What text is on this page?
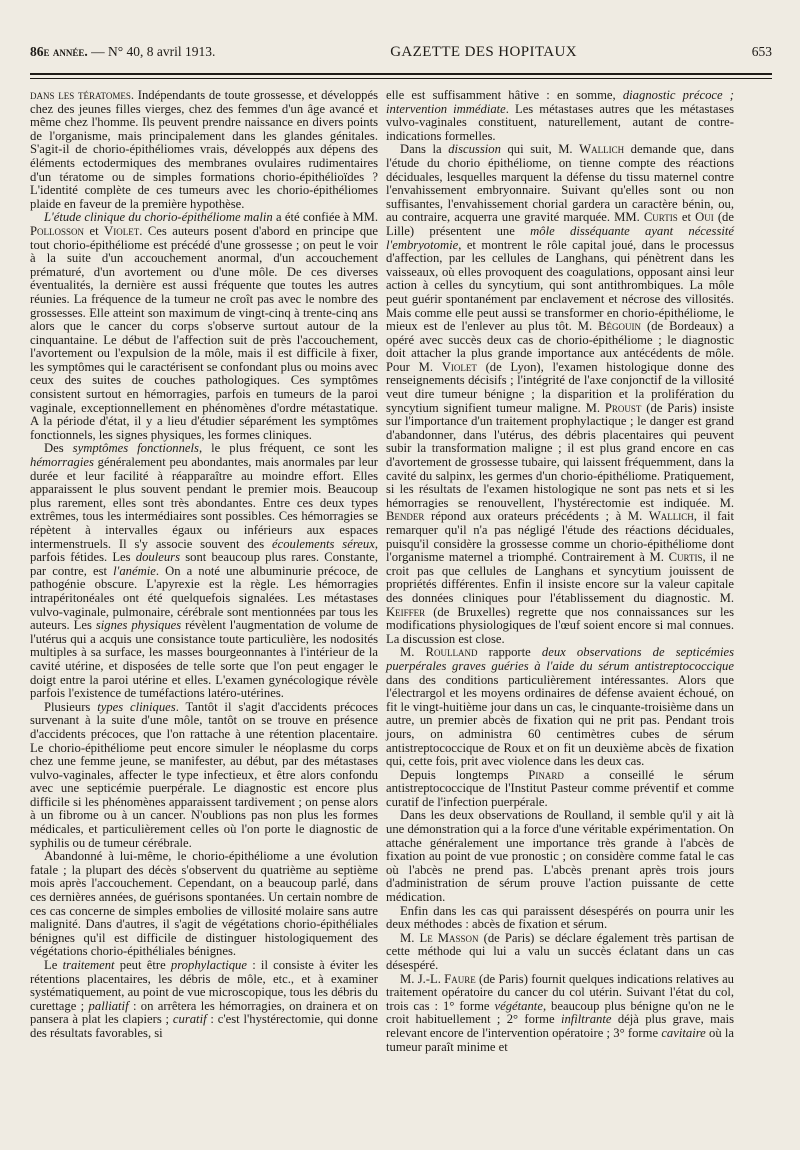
86e année. — N° 40, 8 avril 1913.	GAZETTE DES HOPITAUX	653

dans les tératomes. Indépendants de toute grossesse, et développés chez des jeunes filles vierges, chez des femmes d'un âge avancé et même chez l'homme. Ils peuvent prendre naissance en divers points de l'organisme, mais principalement dans les glandes génitales. S'agit-il de chorio-épithéliomes vrais, développés aux dépens des éléments ectodermiques des membranes ovulaires rudimentaires d'un tératome ou de simples formations chorio-épithélioïdes ? L'identité complète de ces tumeurs avec les chorio-épithéliomes plaide en faveur de la première hypothèse.

L'étude clinique du chorio-épithéliome malin a été confiée à MM. Pollosson et Violet. Ces auteurs posent d'abord en principe que tout chorio-épithéliome est précédé d'une grossesse ; on peut le voir à la suite d'un accouchement anormal, d'un accouchement prématuré, d'un avortement ou d'une môle. De ces diverses éventualités, la dernière est aussi fréquente que toutes les autres réunies. La fréquence de la tumeur ne croît pas avec le nombre des grossesses. Elle atteint son maximum de vingt-cinq à trente-cinq ans alors que le cancer du corps s'observe surtout autour de la cinquantaine. Le début de l'affection suit de près l'accouchement, l'avortement ou l'expulsion de la môle, mais il est difficile à fixer, les symptômes qui le caractérisent se confondant plus ou moins avec ceux des suites de couches pathologiques. Ces symptômes consistent surtout en hémorragies, parfois en tumeurs de la paroi vaginale, exceptionnellement en phénomènes d'ordre métastatique. A la période d'état, il y a lieu d'étudier séparément les symptômes fonctionnels, les signes physiques, les formes cliniques.

Des symptômes fonctionnels, le plus fréquent, ce sont les hémorragies généralement peu abondantes, mais anormales par leur durée et leur facilité à réapparaître au moindre effort. Elles apparaissent le plus souvent pendant le premier mois. Beaucoup plus rarement, elles sont très abondantes. Entre ces deux types extrêmes, tous les intermédiaires sont possibles. Ces hémorragies se répètent à intervalles égaux ou inférieurs aux espaces intermenstruels. Il s'y associe souvent des écoulements séreux, parfois fétides. Les douleurs sont beaucoup plus rares. Constante, par contre, est l'anémie. On a noté une albuminurie précoce, de pathogénie obscure. L'apyrexie est la règle. Les hémorragies intrapéritonéales ont été quelquefois signalées. Les métastases vulvo-vaginale, pulmonaire, cérébrale sont mentionnées par tous les auteurs. Les signes physiques révèlent l'augmentation de volume de l'utérus qui a acquis une consistance toute particulière, les nodosités multiples à sa surface, les masses bourgeonnantes à l'intérieur de la cavité utérine, et disposées de telle sorte que l'on peut engager le doigt entre la paroi utérine et elles. L'examen gynécologique révèle parfois l'existence de tuméfactions latéro-utérines.

Plusieurs types cliniques. Tantôt il s'agit d'accidents précoces survenant à la suite d'une môle, tantôt on se trouve en présence d'accidents précoces, que l'on rattache à une rétention placentaire. Le chorio-épithéliome peut encore simuler le néoplasme du corps chez une femme jeune, se manifester, au début, par des métastases vulvo-vaginales, affecter le type infectieux, et être alors confondu avec une septicémie puerpérale. Le diagnostic est encore plus difficile si les phénomènes apparaissent tardivement ; on pense alors à un fibrome ou à un cancer. N'oublions pas non plus les formes médicales, et particulièrement celles où l'on porte le diagnostic de syphilis ou de tumeur cérébrale.

Abandonné à lui-même, le chorio-épithéliome a une évolution fatale ; la plupart des décès s'observent du quatrième au septième mois après l'accouchement. Cependant, on a beaucoup parlé, dans ces dernières années, de guérisons spontanées. Un certain nombre de ces cas concerne de simples embolies de villosité molaire sans autre malignité. Dans d'autres, il s'agit de végétations chorio-épithéliales bénignes qu'il est difficile de distinguer histologiquement des végétations chorio-épithéliales bénignes.

Le traitement peut être prophylactique : il consiste à éviter les rétentions placentaires, les débris de môle, etc., et à examiner systématiquement, au point de vue microscopique, tous les débris du curettage ; palliatif : on arrêtera les hémorragies, on drainera et on pansera à plat les clapiers ; curatif : c'est l'hystérectomie, qui donne des résultats favorables, si

elle est suffisamment hâtive : en somme, diagnostic précoce ; intervention immédiate. Les métastases autres que les métastases vulvo-vaginales constituent, naturellement, autant de contre-indications formelles.

Dans la discussion qui suit, M. Wallich demande que, dans l'étude du chorio épithéliome, on tienne compte des réactions déciduales, lesquelles marquent la défense du tissu maternel contre l'envahissement embryonnaire. Suivant qu'elles sont ou non suffisantes, l'envahissement chorial gardera un caractère bénin, ou, au contraire, acquerra une gravité marquée. MM. Curtis et Oui (de Lille) présentent une môle disséquante ayant nécessité l'embryotomie, et montrent le rôle capital joué, dans le processus d'affection, par les cellules de Langhans, qui pénètrent dans les vaisseaux, où elles provoquent des coagulations, opposant ainsi leur action à celles du syncytium, qui sont antithrombiques. La môle peut guérir spontanément par enclavement et nécrose des villosités. Mais comme elle peut aussi se transformer en chorio-épithéliome, le mieux est de l'enlever au plus tôt. M. Bégouin (de Bordeaux) a opéré avec succès deux cas de chorio-épithéliome ; le diagnostic doit attacher la plus grande importance aux antécédents de môle. Pour M. Violet (de Lyon), l'examen histologique donne des renseignements décisifs ; l'intégrité de l'axe conjonctif de la villosité veut dire tumeur bénigne ; la disparition et la prolifération du syncytium signifient tumeur maligne. M. Proust (de Paris) insiste sur l'importance d'un traitement prophylactique ; le danger est grand d'abandonner, dans l'utérus, des débris placentaires qui peuvent subir la transformation maligne ; il est plus grand encore en cas d'avortement de grossesse tubaire, qui laissent fréquemment, dans la cavité du salpinx, les germes d'un chorio-épithéliome. Pratiquement, si les résultats de l'examen histologique ne sont pas nets et si les hémorragies se renouvellent, l'hystérectomie est indiquée. M. Bender répond aux orateurs précédents ; à M. Wallich, il fait remarquer qu'il n'a pas négligé l'étude des réactions déciduales, puisqu'il considère la grossesse comme un chorio-épithéliome dont l'organisme maternel a triomphé. Contrairement à M. Curtis, il ne croit pas que cellules de Langhans et syncytium jouissent de propriétés différentes. Enfin il insiste encore sur la valeur capitale des données cliniques pour l'établissement du diagnostic. M. Keiffer (de Bruxelles) regrette que nos connaissances sur les modifications physiologiques de l'œuf soient encore si mal connues. La discussion est close.

M. Roulland rapporte deux observations de septicémies puerpérales graves guéries à l'aide du sérum antistreptococcique dans des conditions particulièrement intéressantes. Alors que l'électrargol et les moyens ordinaires de défense avaient échoué, on fit le vingt-huitième jour dans un cas, le cinquante-troisième dans un autre, un premier abcès de fixation qui ne prit pas. Pendant trois jours, on administra 60 centimètres cubes de sérum antistreptococcique de Roux et on fit un deuxième abcès de fixation qui, cette fois, prit avec violence dans les deux cas.

Depuis longtemps Pinard a conseillé le sérum antistreptococcique de l'Institut Pasteur comme préventif et comme curatif de l'infection puerpérale.

Dans les deux observations de Roulland, il semble qu'il y ait là une démonstration qui a la force d'une véritable expérimentation. On attache généralement une importance très grande à l'abcès de fixation au point de vue pronostic ; on considère comme fatal le cas où l'abcès ne prend pas. L'abcès prenant après trois jours d'administration de sérum prouve l'action puissante de cette médication.

Enfin dans les cas qui paraissent désespérés on pourra unir les deux méthodes : abcès de fixation et sérum.

M. Le Masson (de Paris) se déclare également très partisan de cette méthode qui lui a valu un succès éclatant dans un cas désespéré.

M. J.-L. Faure (de Paris) fournit quelques indications relatives au traitement opératoire du cancer du col utérin. Suivant l'état du col, trois cas : 1° forme végétante, beaucoup plus bénigne qu'on ne le croit habituellement ; 2° forme infiltrante déjà plus grave, mais relevant encore de l'intervention opératoire ; 3° forme cavitaire où la tumeur paraît minime et
